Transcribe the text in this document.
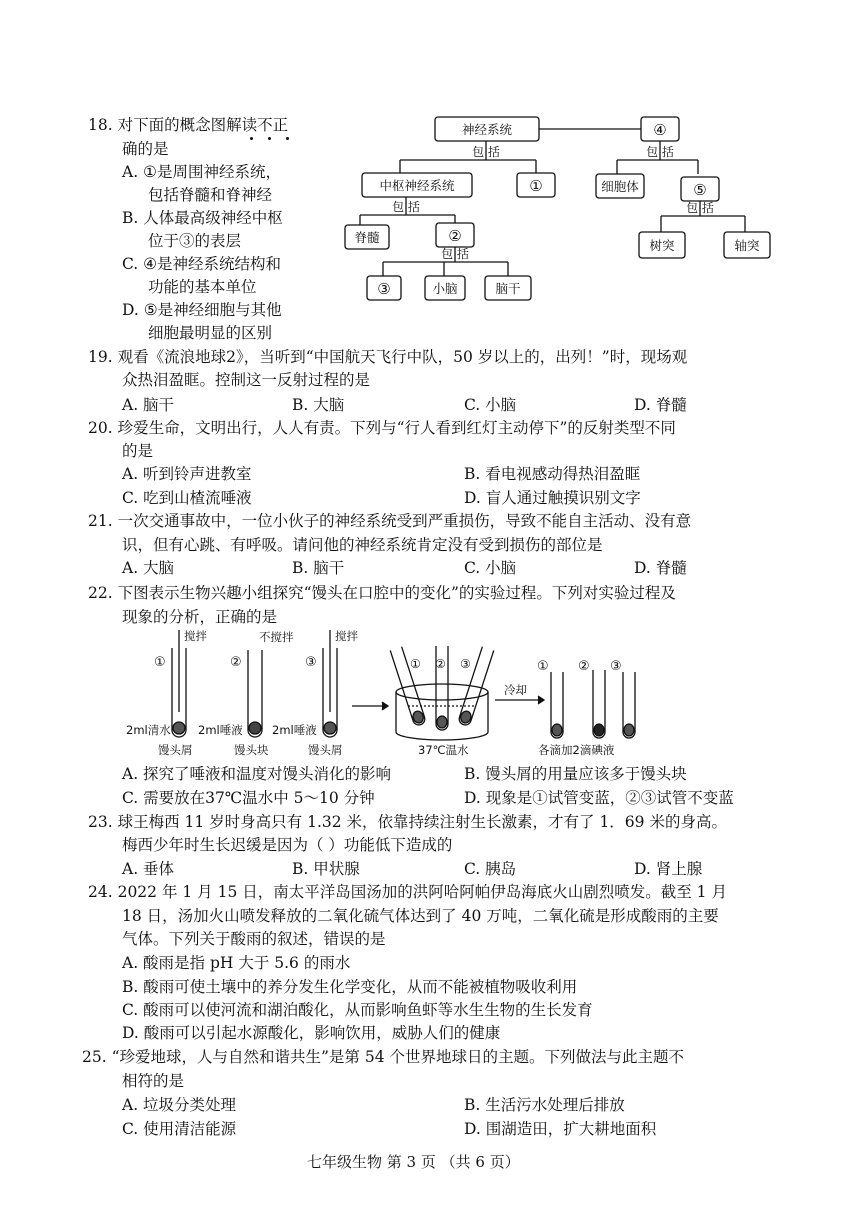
18. 对下面的概念图解读不正
确的是
A. ①是周围神经系统，
包括脊髓和脊神经
B. 人体最高级神经中枢
位于③的表层
C. ④是神经系统结构和
功能的基本单位
D. ⑤是神经细胞与其他
细胞最明显的区别
神经系统	④
包 括	包 括
中枢神经系统	①	细胞体	⑤
包 括	包 括
脊髓	②
树突	轴突
包 括
③	小脑	脑干
19. 观看《流浪地球2》，当听到“中国航天飞行中队，50 岁以上的，出列！”时，现场观
众热泪盈眶。控制这一反射过程的是
A. 脑干	B. 大脑	C. 小脑	D. 脊髓
20. 珍爱生命，文明出行，人人有责。下列与“行人看到红灯主动停下”的反射类型不同
的是
A. 听到铃声进教室	B. 看电视感动得热泪盈眶
C. 吃到山楂流唾液	D. 盲人通过触摸识别文字
21. 一次交通事故中，一位小伙子的神经系统受到严重损伤，导致不能自主活动、没有意
识，但有心跳、有呼吸。请问他的神经系统肯定没有受到损伤的部位是
A. 大脑	B. 脑干	C. 小脑	D. 脊髓
22. 下图表示生物兴趣小组探究“馒头在口腔中的变化”的实验过程。下列对实验过程及
现象的分析，正确的是
搅拌	不搅拌	搅拌
①	②	③	① ② ③	① ② ③
2ml清水 2ml唾液	2ml唾液
馒头屑	馒头块	馒头屑	37℃温水
冷却
各滴加2滴碘液
A. 探究了唾液和温度对馒头消化的影响	B. 馒头屑的用量应该多于馒头块
C. 需要放在37℃温水中 5～10 分钟	D. 现象是①试管变蓝，②③试管不变蓝
23. 球王梅西 11 岁时身高只有 1.32 米，依靠持续注射生长激素，才有了 1．69 米的身高。
梅西少年时生长迟缓是因为（ ）功能低下造成的
A. 垂体	B. 甲状腺	C. 胰岛	D. 肾上腺
24. 2022 年 1 月 15 日，南太平洋岛国汤加的洪阿哈阿帕伊岛海底火山剧烈喷发。截至 1 月
18 日，汤加火山喷发释放的二氧化硫气体达到了 40 万吨，二氧化硫是形成酸雨的主要
气体。下列关于酸雨的叙述，错误的是
A. 酸雨是指 pH 大于 5.6 的雨水
B. 酸雨可使土壤中的养分发生化学变化，从而不能被植物吸收利用
C. 酸雨可以使河流和湖泊酸化，从而影响鱼虾等水生生物的生长发育
D. 酸雨可以引起水源酸化，影响饮用，威胁人们的健康
25. “珍爱地球，人与自然和谐共生”是第 54 个世界地球日的主题。下列做法与此主题不
相符的是
A. 垃圾分类处理	B. 生活污水处理后排放
C. 使用清洁能源	D. 围湖造田，扩大耕地面积
七年级生物 第 3 页 （共 6 页）
